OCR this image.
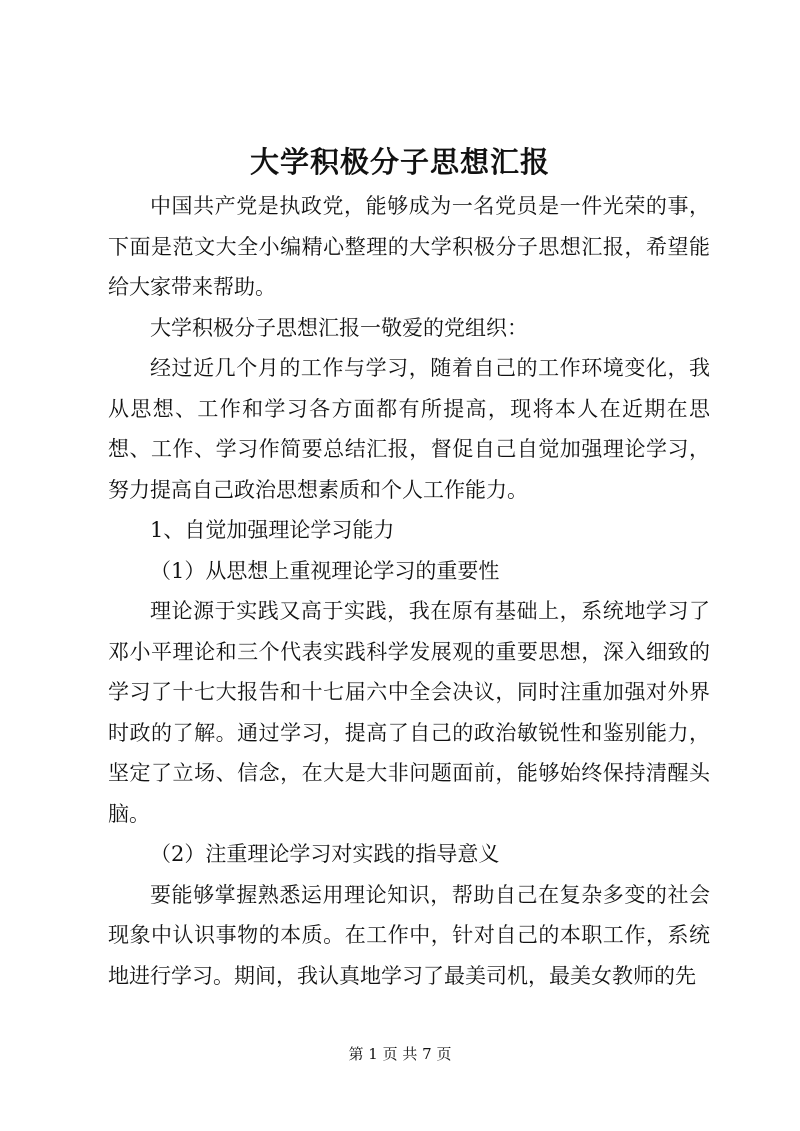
大学积极分子思想汇报

中国共产党是执政党，能够成为一名党员是一件光荣的事，下面是范文大全小编精心整理的大学积极分子思想汇报，希望能给大家带来帮助。

大学积极分子思想汇报一敬爱的党组织：

经过近几个月的工作与学习，随着自己的工作环境变化，我从思想、工作和学习各方面都有所提高，现将本人在近期在思想、工作、学习作简要总结汇报，督促自己自觉加强理论学习，努力提高自己政治思想素质和个人工作能力。

1、自觉加强理论学习能力

（1）从思想上重视理论学习的重要性

理论源于实践又高于实践，我在原有基础上，系统地学习了邓小平理论和三个代表实践科学发展观的重要思想，深入细致的学习了十七大报告和十七届六中全会决议，同时注重加强对外界时政的了解。通过学习，提高了自己的政治敏锐性和鉴别能力，坚定了立场、信念，在大是大非问题面前，能够始终保持清醒头脑。

（2）注重理论学习对实践的指导意义

要能够掌握熟悉运用理论知识，帮助自己在复杂多变的社会现象中认识事物的本质。在工作中，针对自己的本职工作，系统地进行学习。期间，我认真地学习了最美司机，最美女教师的先

第 1 页 共 7 页
